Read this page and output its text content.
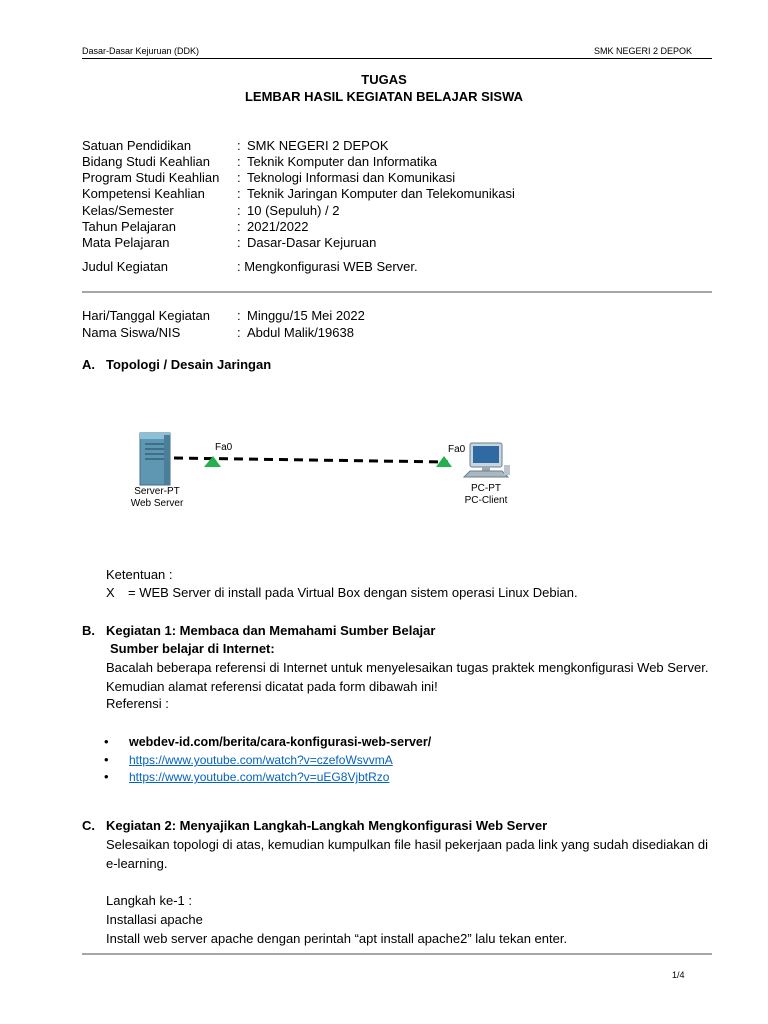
Dasar-Dasar Kejuruan (DDK)	SMK NEGERI 2 DEPOK
TUGAS
LEMBAR HASIL KEGIATAN BELAJAR SISWA
Satuan Pendidikan	: SMK NEGERI 2 DEPOK
Bidang Studi Keahlian : Teknik Komputer dan Informatika
Program Studi Keahlian : Teknologi Informasi dan Komunikasi
Kompetensi Keahlian : Teknik Jaringan Komputer dan Telekomunikasi
Kelas/Semester	: 10 (Sepuluh) / 2
Tahun Pelajaran	: 2021/2022
Mata Pelajaran	: Dasar-Dasar Kejuruan
Judul Kegiatan	: Mengkonfigurasi WEB Server.
Hari/Tanggal Kegiatan : Minggu/15 Mei 2022
Nama Siswa/NIS	: Abdul Malik/19638
A. Topologi / Desain Jaringan
Fa0	Fa0
Server-PT
Web Server
PC-PT
PC-Client
Ketentuan :
X = WEB Server di install pada Virtual Box dengan sistem operasi Linux Debian.
B. Kegiatan 1: Membaca dan Memahami Sumber Belajar
Sumber belajar di Internet:
Bacalah beberapa referensi di Internet untuk menyelesaikan tugas praktek mengkonfigurasi Web Server.
Kemudian alamat referensi dicatat pada form dibawah ini!
Referensi :
• webdev-id.com/berita/cara-konfigurasi-web-server/
• https://www.youtube.com/watch?v=czefoWsvvmA
• https://www.youtube.com/watch?v=uEG8VjbtRzo
C. Kegiatan 2: Menyajikan Langkah-Langkah Mengkonfigurasi Web Server
Selesaikan topologi di atas, kemudian kumpulkan file hasil pekerjaan pada link yang sudah disediakan di
e-learning.
Langkah ke-1 :
Installasi apache
Install web server apache dengan perintah “apt install apache2” lalu tekan enter.
1/4
